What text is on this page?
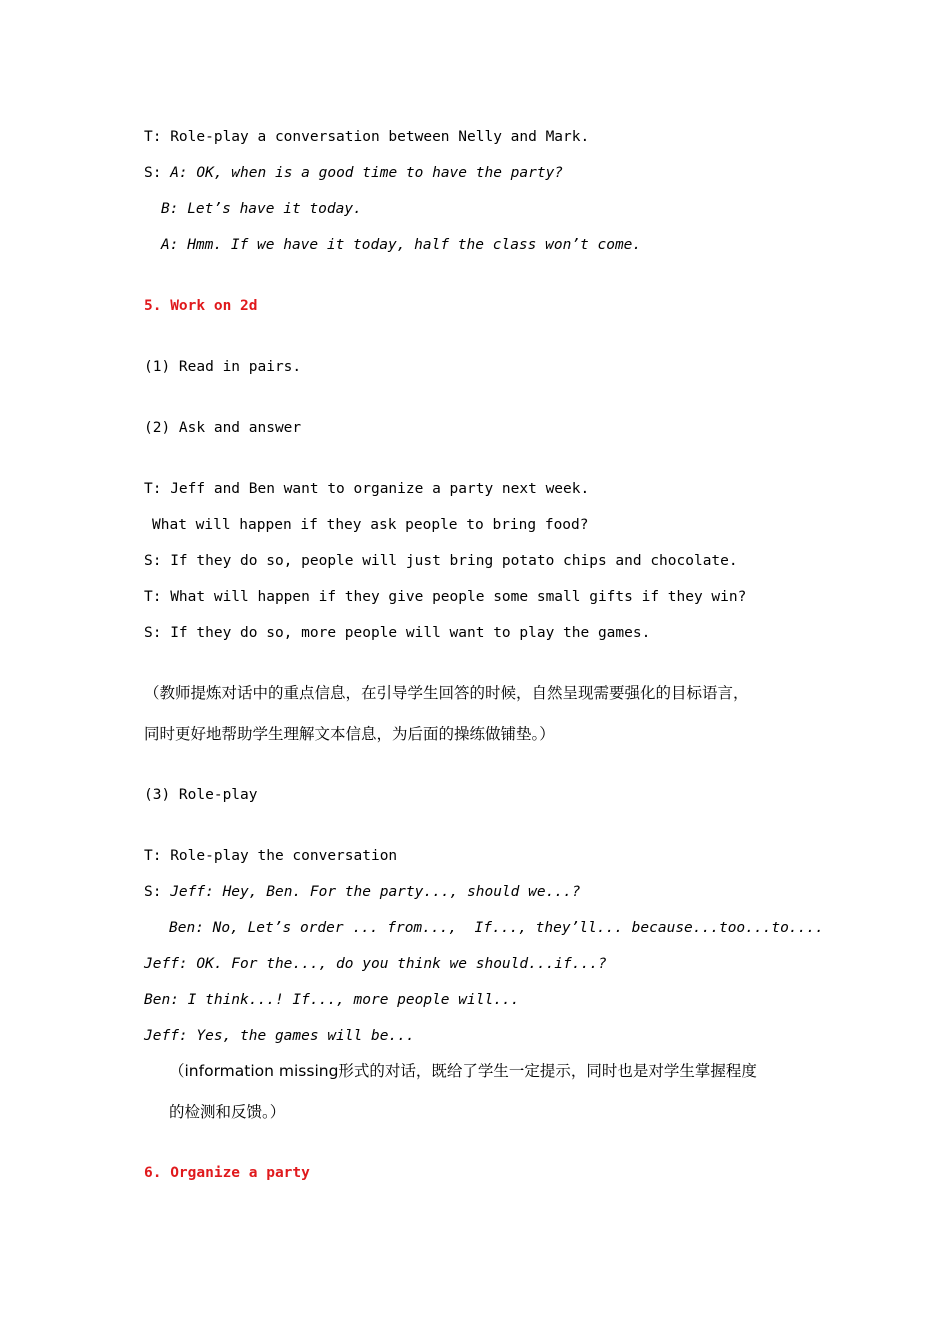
T: Role-play a conversation between Nelly and Mark.
S: A: OK, when is a good time to have the party?
B: Let’s have it today.
A: Hmm. If we have it today, half the class won’t come.
5. Work on 2d
(1) Read in pairs.
(2) Ask and answer
T: Jeff and Ben want to organize a party next week.
What will happen if they ask people to bring food?
S: If they do so, people will just bring potato chips and chocolate.
T: What will happen if they give people some small gifts if they win?
S: If they do so, more people will want to play the games.
（教师提炼对话中的重点信息，在引导学生回答的时候，自然呈现需要强化的目标语言，
同时更好地帮助学生理解文本信息，为后面的操练做铺垫。）
(3) Role-play
T: Role-play the conversation
S: Jeff: Hey, Ben. For the party..., should we...?
Ben: No, Let’s order ... from...,  If..., they’ll... because...too...to....
Jeff: OK. For the..., do you think we should...if...?
Ben: I think...! If..., more people will...
Jeff: Yes, the games will be...
（information missing形式的对话，既给了学生一定提示，同时也是对学生掌握程度
的检测和反馈。）
6. Organize a party
